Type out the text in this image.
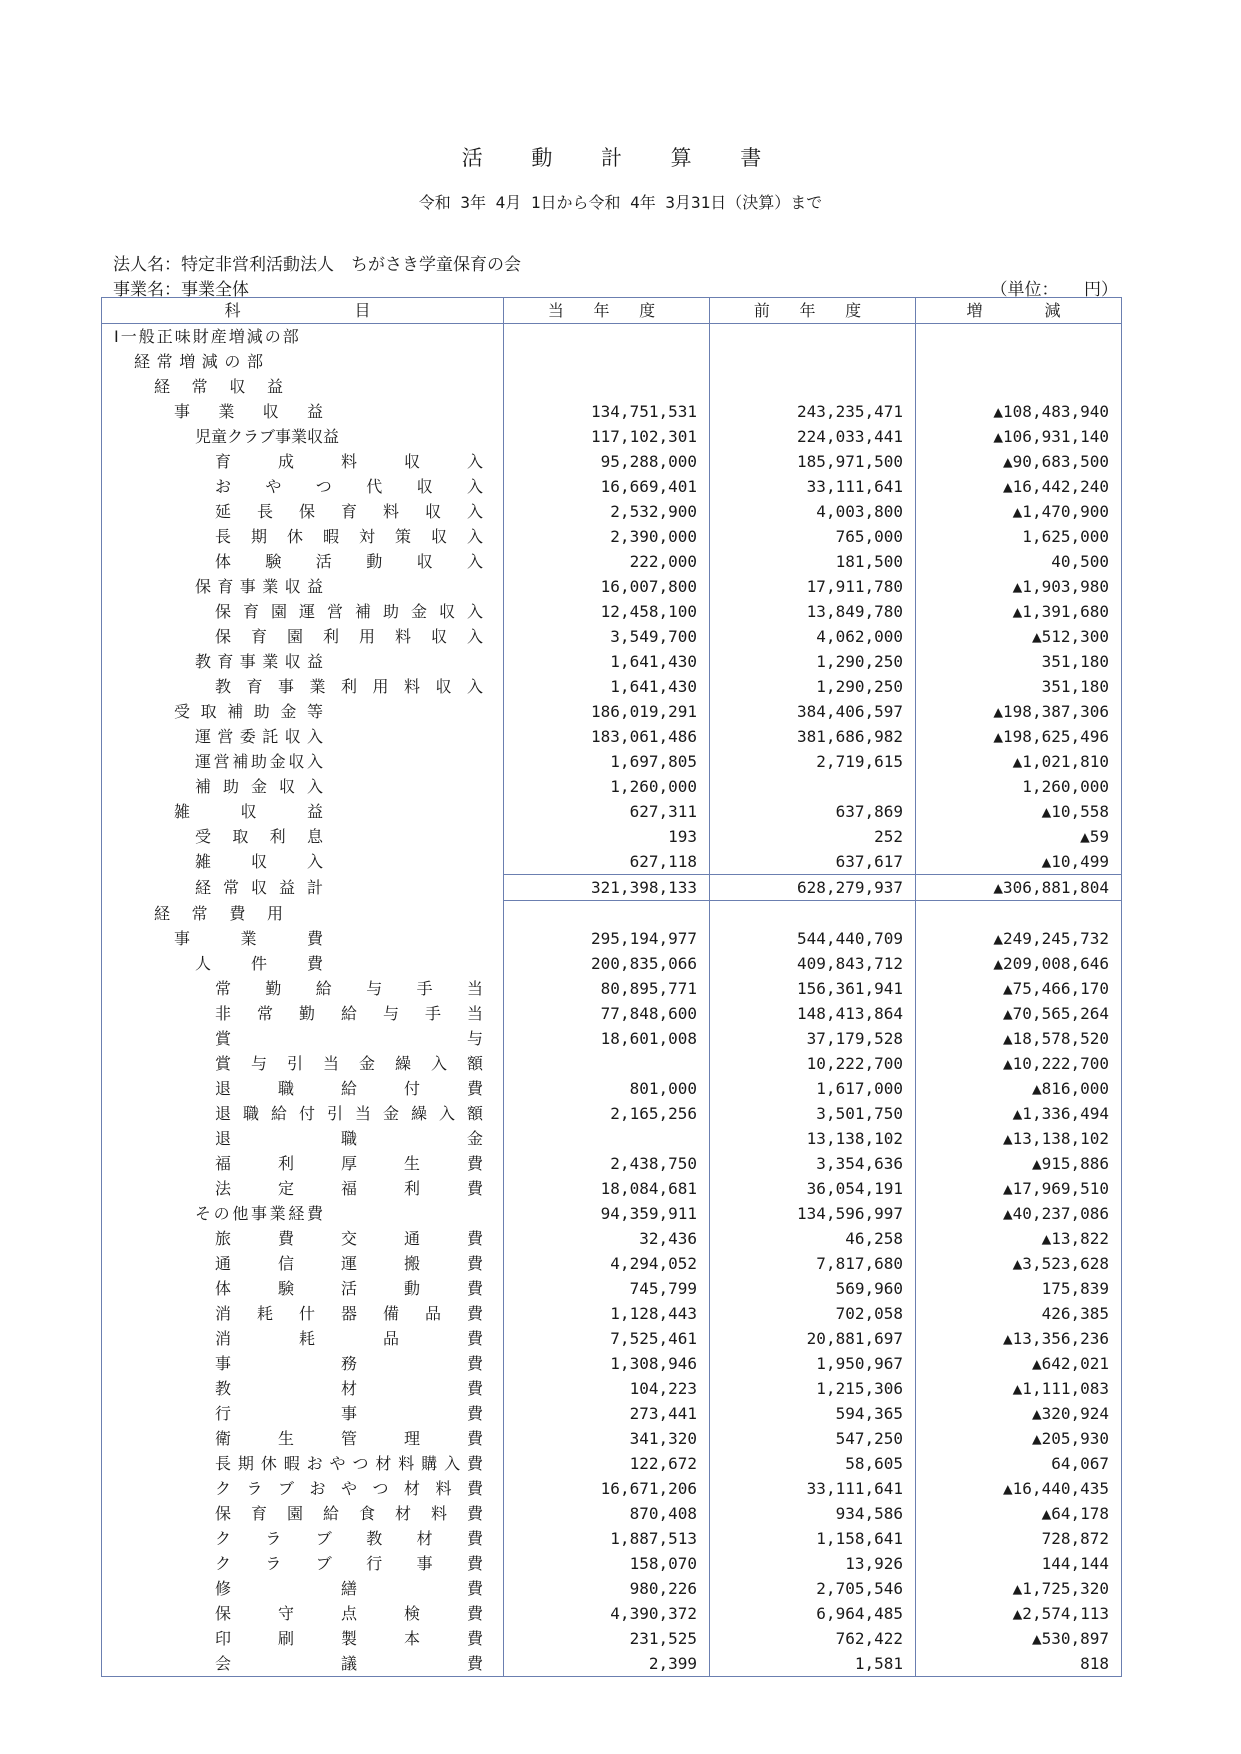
活 動 計 算 書
令和 3年 4月 1日から令和 4年 3月31日（決算）まで
法人名：特定非営利活動法人　ちがさき学童保育の会
事業名：事業全体	（単位：　　円）
科　　　　目	当 年 度	前 年 度	増　　減

Ⅰ一般正味財産増減の部			

経常増減の部			

経常収益			

事業収益	134,751,531	243,235,471	▲108,483,940

児童クラブ事業収益	117,102,301	224,033,441	▲106,931,140

育成料収入	95,288,000	185,971,500	▲90,683,500

おやつ代収入	16,669,401	33,111,641	▲16,442,240

延長保育料収入	2,532,900	4,003,800	▲1,470,900

長期休暇対策収入	2,390,000	765,000	1,625,000

体験活動収入	222,000	181,500	40,500

保育事業収益	16,007,800	17,911,780	▲1,903,980

保育園運営補助金収入	12,458,100	13,849,780	▲1,391,680

保育園利用料収入	3,549,700	4,062,000	▲512,300

教育事業収益	1,641,430	1,290,250	351,180

教育事業利用料収入	1,641,430	1,290,250	351,180

受取補助金等	186,019,291	384,406,597	▲198,387,306

運営委託収入	183,061,486	381,686,982	▲198,625,496

運営補助金収入	1,697,805	2,719,615	▲1,021,810

補助金収入	1,260,000		1,260,000

雑収益	627,311	637,869	▲10,558

受取利息	193	252	▲59

雑収入	627,118	637,617	▲10,499

経常収益計	321,398,133	628,279,937	▲306,881,804

経常費用			

事業費	295,194,977	544,440,709	▲249,245,732

人件費	200,835,066	409,843,712	▲209,008,646

常勤給与手当	80,895,771	156,361,941	▲75,466,170

非常勤給与手当	77,848,600	148,413,864	▲70,565,264

賞与	18,601,008	37,179,528	▲18,578,520

賞与引当金繰入額		10,222,700	▲10,222,700

退職給付費	801,000	1,617,000	▲816,000

退職給付引当金繰入額	2,165,256	3,501,750	▲1,336,494

退職金		13,138,102	▲13,138,102

福利厚生費	2,438,750	3,354,636	▲915,886

法定福利費	18,084,681	36,054,191	▲17,969,510

その他事業経費	94,359,911	134,596,997	▲40,237,086

旅費交通費	32,436	46,258	▲13,822

通信運搬費	4,294,052	7,817,680	▲3,523,628

体験活動費	745,799	569,960	175,839

消耗什器備品費	1,128,443	702,058	426,385

消耗品費	7,525,461	20,881,697	▲13,356,236

事務費	1,308,946	1,950,967	▲642,021

教材費	104,223	1,215,306	▲1,111,083

行事費	273,441	594,365	▲320,924

衛生管理費	341,320	547,250	▲205,930

長期休暇おやつ材料購入費	122,672	58,605	64,067

クラブおやつ材料費	16,671,206	33,111,641	▲16,440,435

保育園給食材料費	870,408	934,586	▲64,178

クラブ教材費	1,887,513	1,158,641	728,872

クラブ行事費	158,070	13,926	144,144

修繕費	980,226	2,705,546	▲1,725,320

保守点検費	4,390,372	6,964,485	▲2,574,113

印刷製本費	231,525	762,422	▲530,897

会議費	2,399	1,581	818
